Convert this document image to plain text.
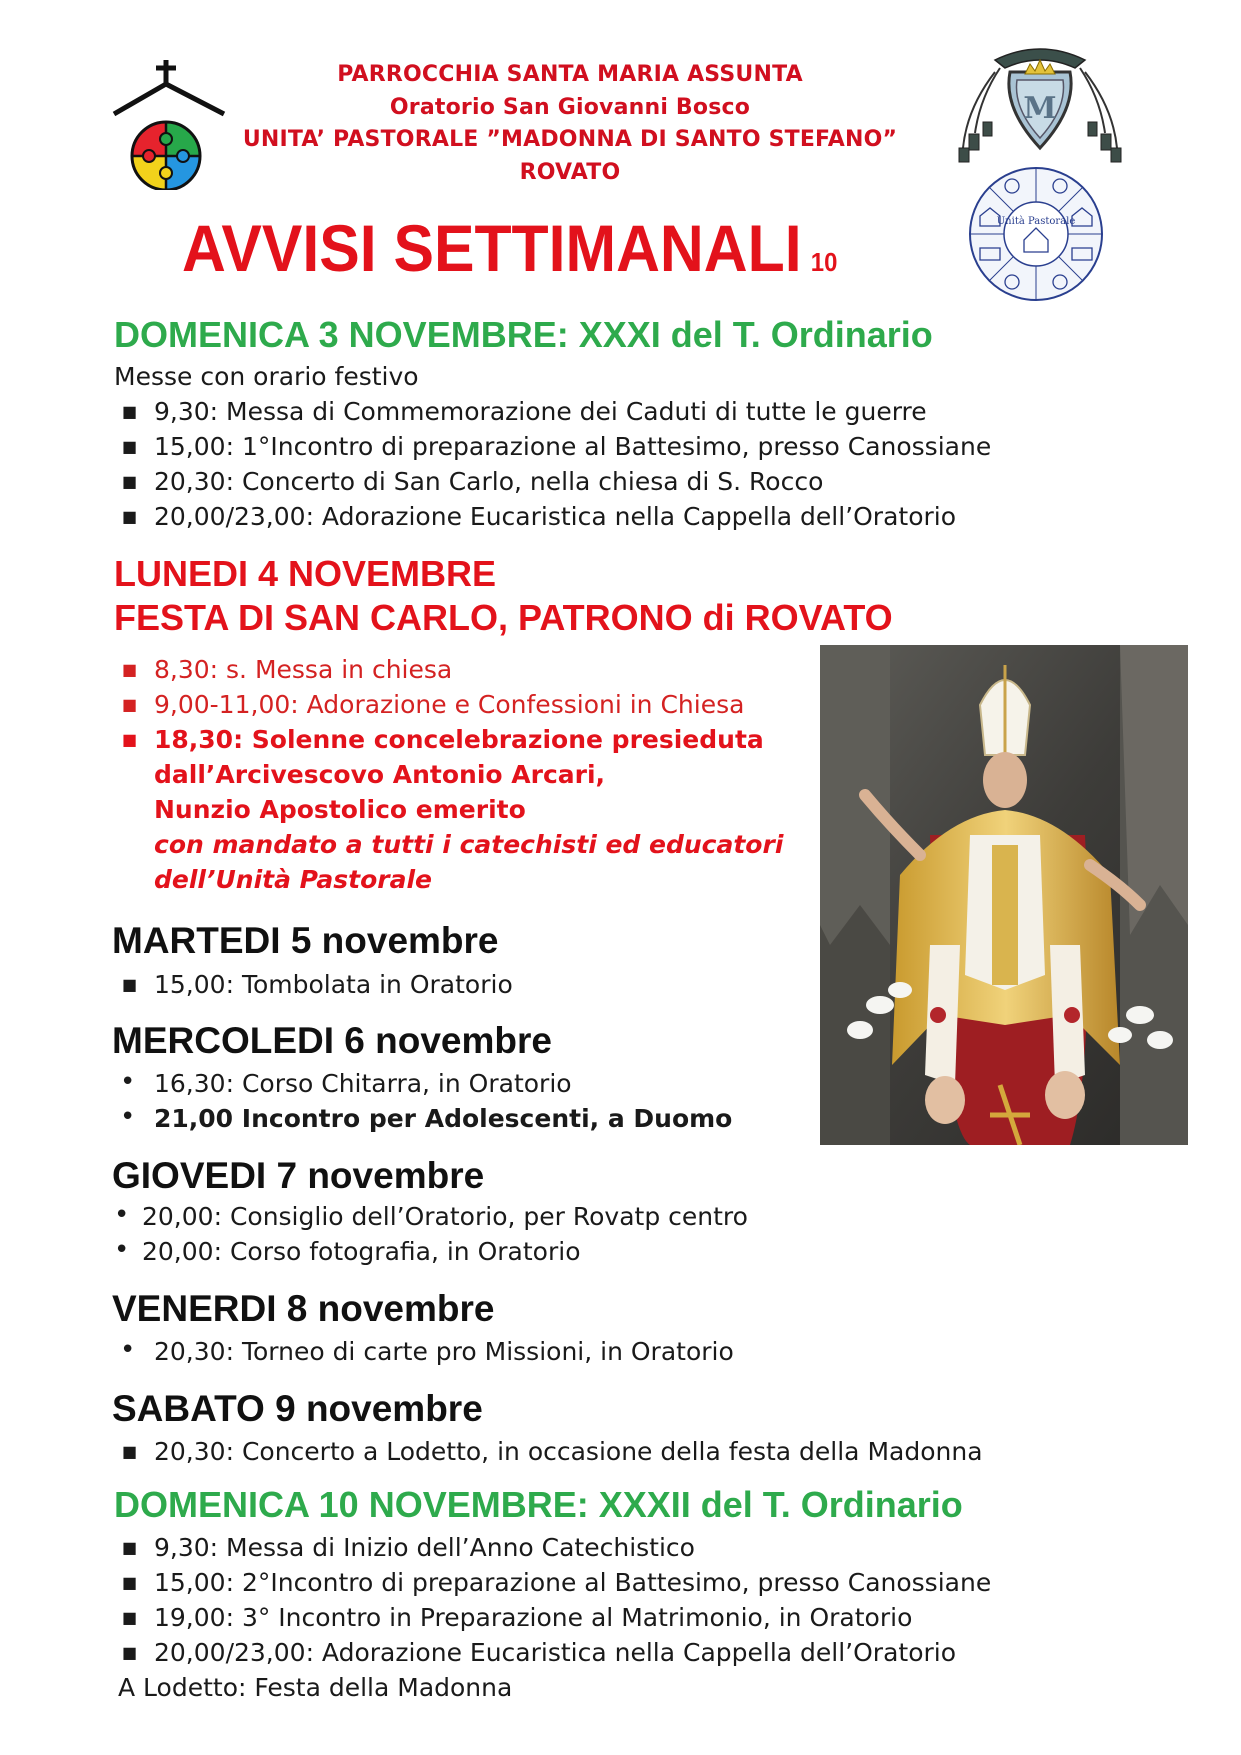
PARROCCHIA SANTA MARIA ASSUNTA
Oratorio San Giovanni Bosco
UNITA’ PASTORALE ”MADONNA DI SANTO STEFANO”
ROVATO
M
Unità Pastorale
AVVISI SETTIMANALI 10
DOMENICA 3 NOVEMBRE: XXXI del T. Ordinario
Messe con orario festivo
■ 9,30: Messa di Commemorazione dei Caduti di tutte le guerre
■ 15,00: 1°Incontro di preparazione al Battesimo, presso Canossiane
■ 20,30: Concerto di San Carlo, nella chiesa di S. Rocco
■ 20,00/23,00: Adorazione Eucaristica nella Cappella dell’Oratorio
LUNEDI 4 NOVEMBRE
FESTA DI SAN CARLO, PATRONO di ROVATO
■ 8,30: s. Messa in chiesa
■ 9,00-11,00: Adorazione e Confessioni in Chiesa
■ 18,30: Solenne concelebrazione presieduta
dall’Arcivescovo Antonio Arcari,
Nunzio Apostolico emerito
con mandato a tutti i catechisti ed educatori
dell’Unità Pastorale
MARTEDI 5 novembre
■ 15,00: Tombolata in Oratorio
MERCOLEDI 6 novembre
• 16,30: Corso Chitarra, in Oratorio
• 21,00 Incontro per Adolescenti, a Duomo
GIOVEDI 7 novembre
• 20,00: Consiglio dell’Oratorio, per Rovatp centro
• 20,00: Corso fotografia, in Oratorio
VENERDI 8 novembre
• 20,30: Torneo di carte pro Missioni, in Oratorio
SABATO 9 novembre
■ 20,30: Concerto a Lodetto, in occasione della festa della Madonna
DOMENICA 10 NOVEMBRE: XXXII del T. Ordinario
■ 9,30: Messa di Inizio dell’Anno Catechistico
■ 15,00: 2°Incontro di preparazione al Battesimo, presso Canossiane
■ 19,00: 3° Incontro in Preparazione al Matrimonio, in Oratorio
■ 20,00/23,00: Adorazione Eucaristica nella Cappella dell’Oratorio
A Lodetto: Festa della Madonna
